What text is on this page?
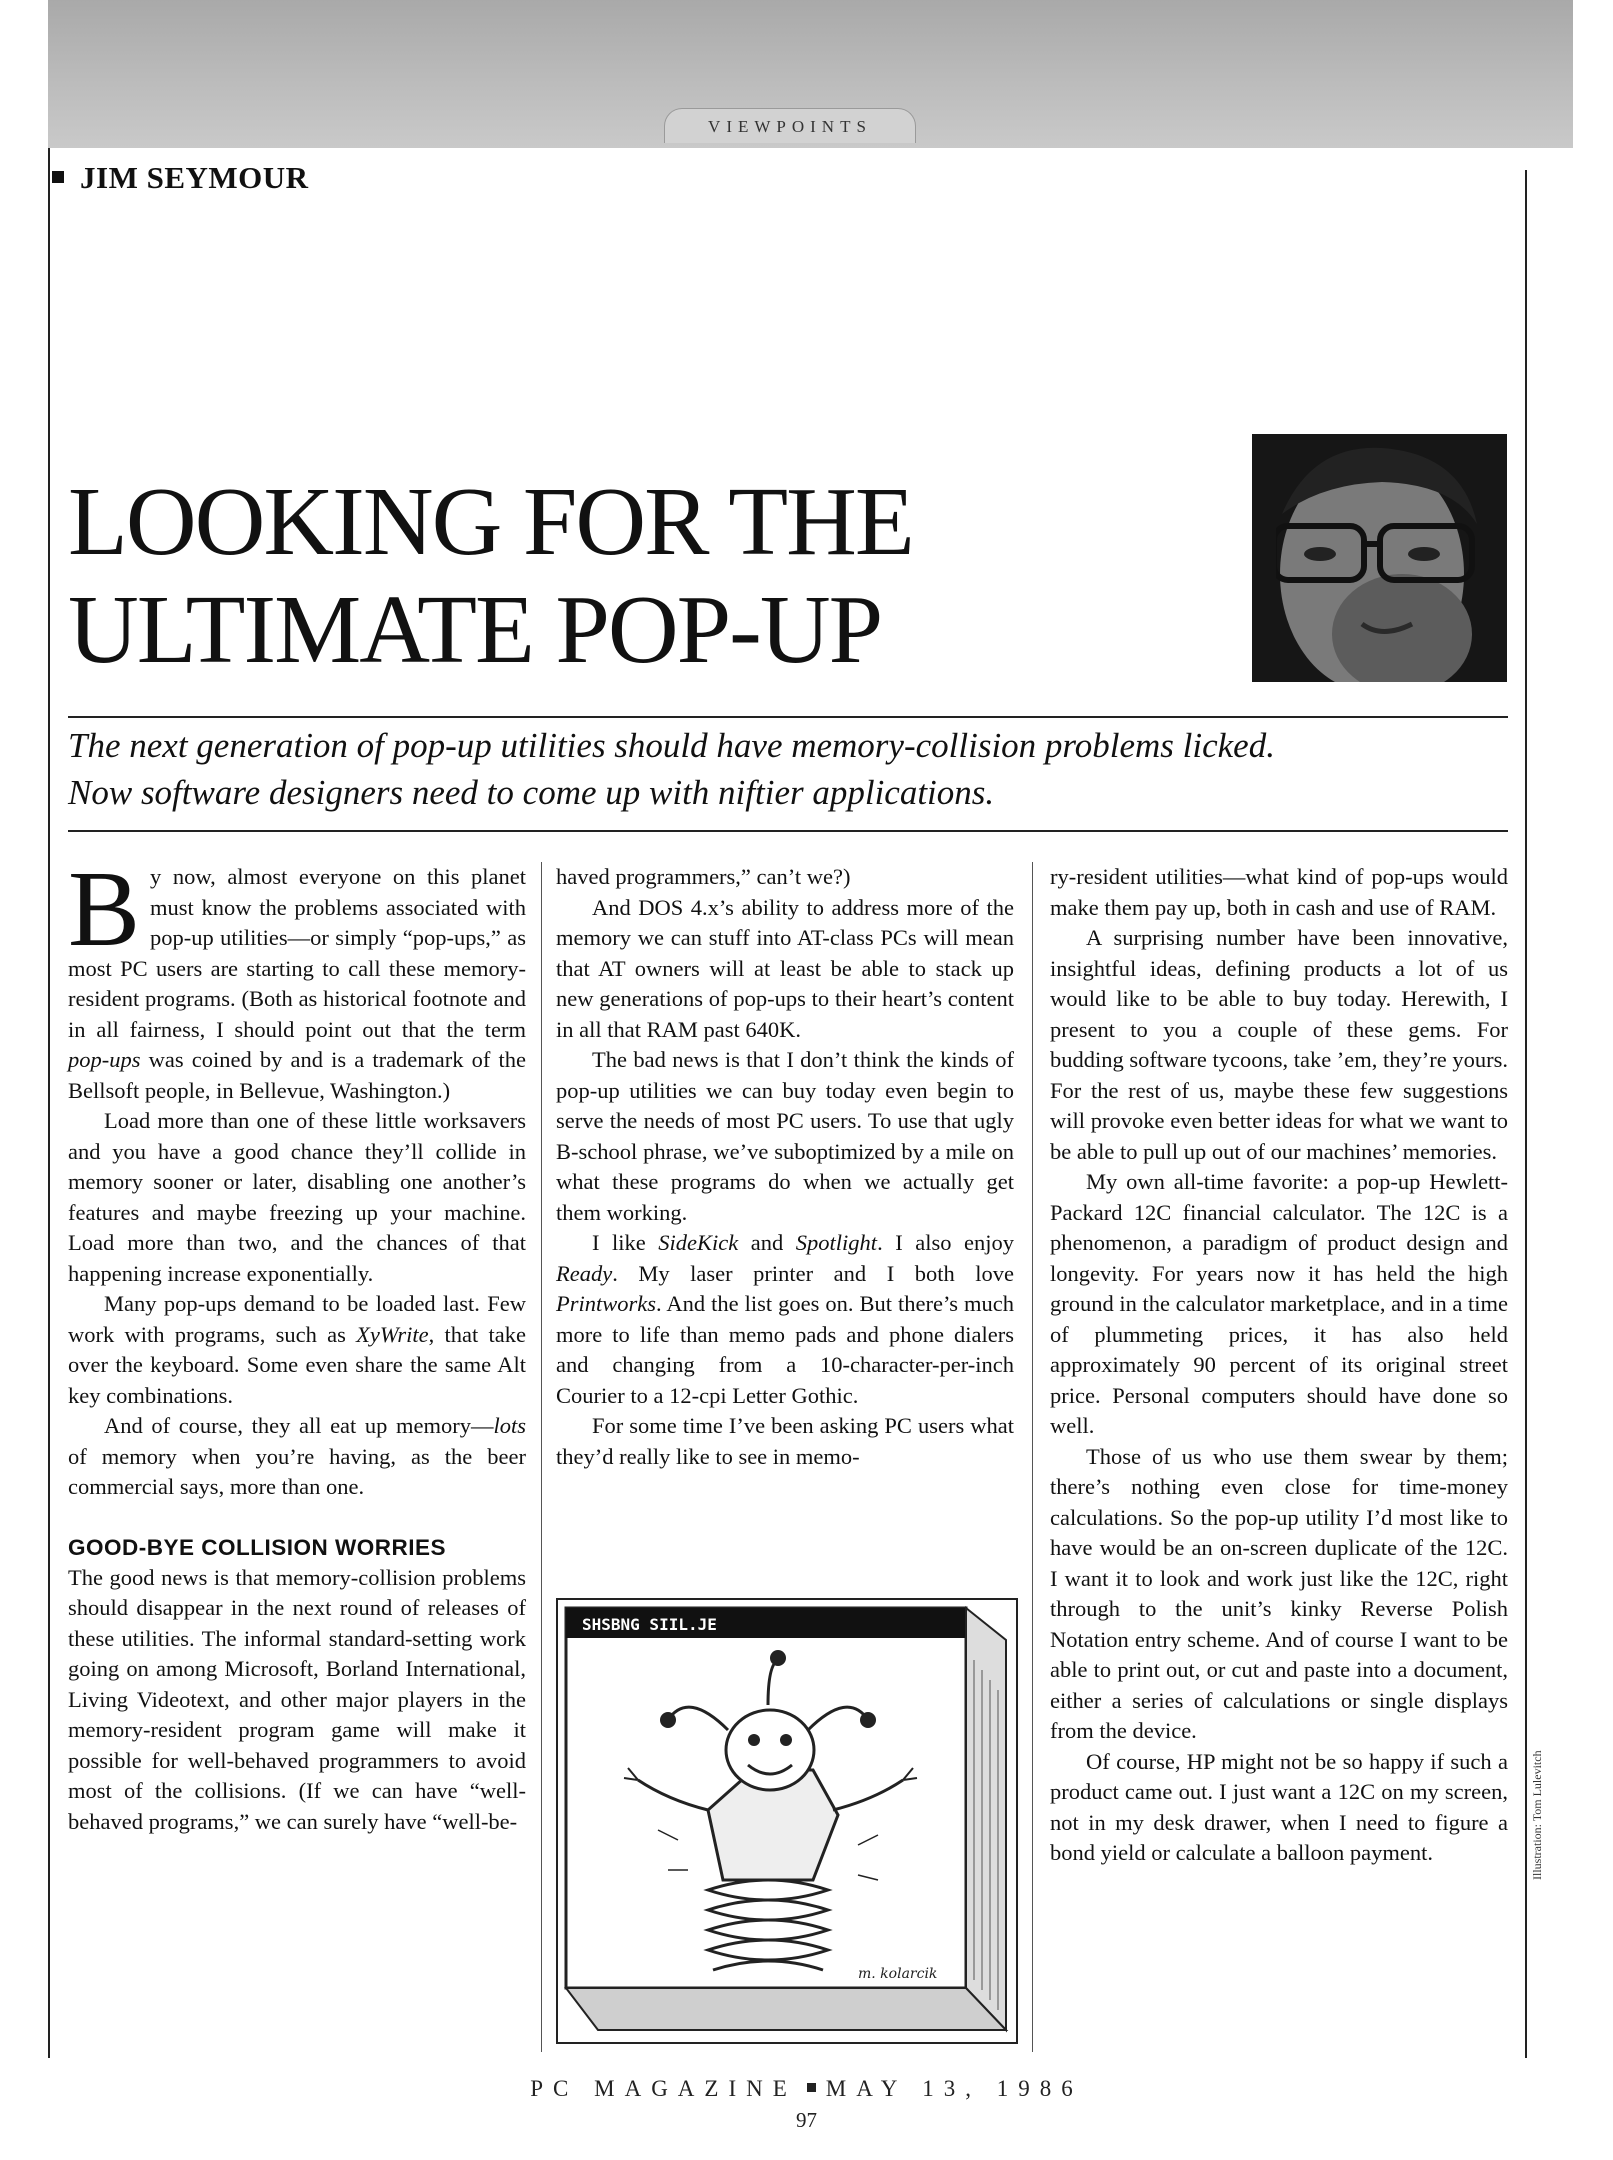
VIEWPOINTS
JIM SEYMOUR
LOOKING FOR THE
ULTIMATE POP-UP
The next generation of pop-up utilities should have memory-collision problems licked.
Now software designers need to come up with niftier applications.

By now, almost everyone on this planet must know the problems associated with pop-up utilities—or simply “pop-ups,” as most PC users are starting to call these memory-resident programs. (Both as historical footnote and in all fairness, I should point out that the term pop-ups was coined by and is a trademark of the Bellsoft people, in Bellevue, Washington.)

Load more than one of these little worksavers and you have a good chance they’ll collide in memory sooner or later, disabling one another’s features and maybe freezing up your machine. Load more than two, and the chances of that happening increase exponentially.

Many pop-ups demand to be loaded last. Few work with programs, such as XyWrite, that take over the keyboard. Some even share the same Alt key combinations.

And of course, they all eat up memory—lots of memory when you’re having, as the beer commercial says, more than one.

GOOD-BYE COLLISION WORRIES

The good news is that memory-collision problems should disappear in the next round of releases of these utilities. The informal standard-setting work going on among Microsoft, Borland International, Living Videotext, and other major players in the memory-resident program game will make it possible for well-behaved programmers to avoid most of the collisions. (If we can have “well-behaved programs,” we can surely have “well-be-

haved programmers,” can’t we?)

And DOS 4.x’s ability to address more of the memory we can stuff into AT-class PCs will mean that AT owners will at least be able to stack up new generations of pop-ups to their heart’s content in all that RAM past 640K.

The bad news is that I don’t think the kinds of pop-up utilities we can buy today even begin to serve the needs of most PC users. To use that ugly B-school phrase, we’ve suboptimized by a mile on what these programs do when we actually get them working.

I like SideKick and Spotlight. I also enjoy Ready. My laser printer and I both love Printworks. And the list goes on. But there’s much more to life than memo pads and phone dialers and changing from a 10-character-per-inch Courier to a 12-cpi Letter Gothic.

For some time I’ve been asking PC users what they’d really like to see in memo-

SHSBNG SIIL.JE
m. kolarcik

ry-resident utilities—what kind of pop-ups would make them pay up, both in cash and use of RAM.

A surprising number have been innovative, insightful ideas, defining products a lot of us would like to be able to buy today. Herewith, I present to you a couple of these gems. For budding software tycoons, take ’em, they’re yours. For the rest of us, maybe these few suggestions will provoke even better ideas for what we want to be able to pull up out of our machines’ memories.

My own all-time favorite: a pop-up Hewlett-Packard 12C financial calculator. The 12C is a phenomenon, a paradigm of product design and longevity. For years now it has held the high ground in the calculator marketplace, and in a time of plummeting prices, it has also held approximately 90 percent of its original street price. Personal computers should have done so well.

Those of us who use them swear by them; there’s nothing even close for time-money calculations. So the pop-up utility I’d most like to have would be an on-screen duplicate of the 12C. I want it to look and work just like the 12C, right through to the unit’s kinky Reverse Polish Notation entry scheme. And of course I want to be able to print out, or cut and paste into a document, either a series of calculations or single displays from the device.

Of course, HP might not be so happy if such a product came out. I just want a 12C on my screen, not in my desk drawer, when I need to figure a bond yield or calculate a balloon payment.	Illustration: Tom Lulevitch
PC MAGAZINE MAY 13, 1986
97
